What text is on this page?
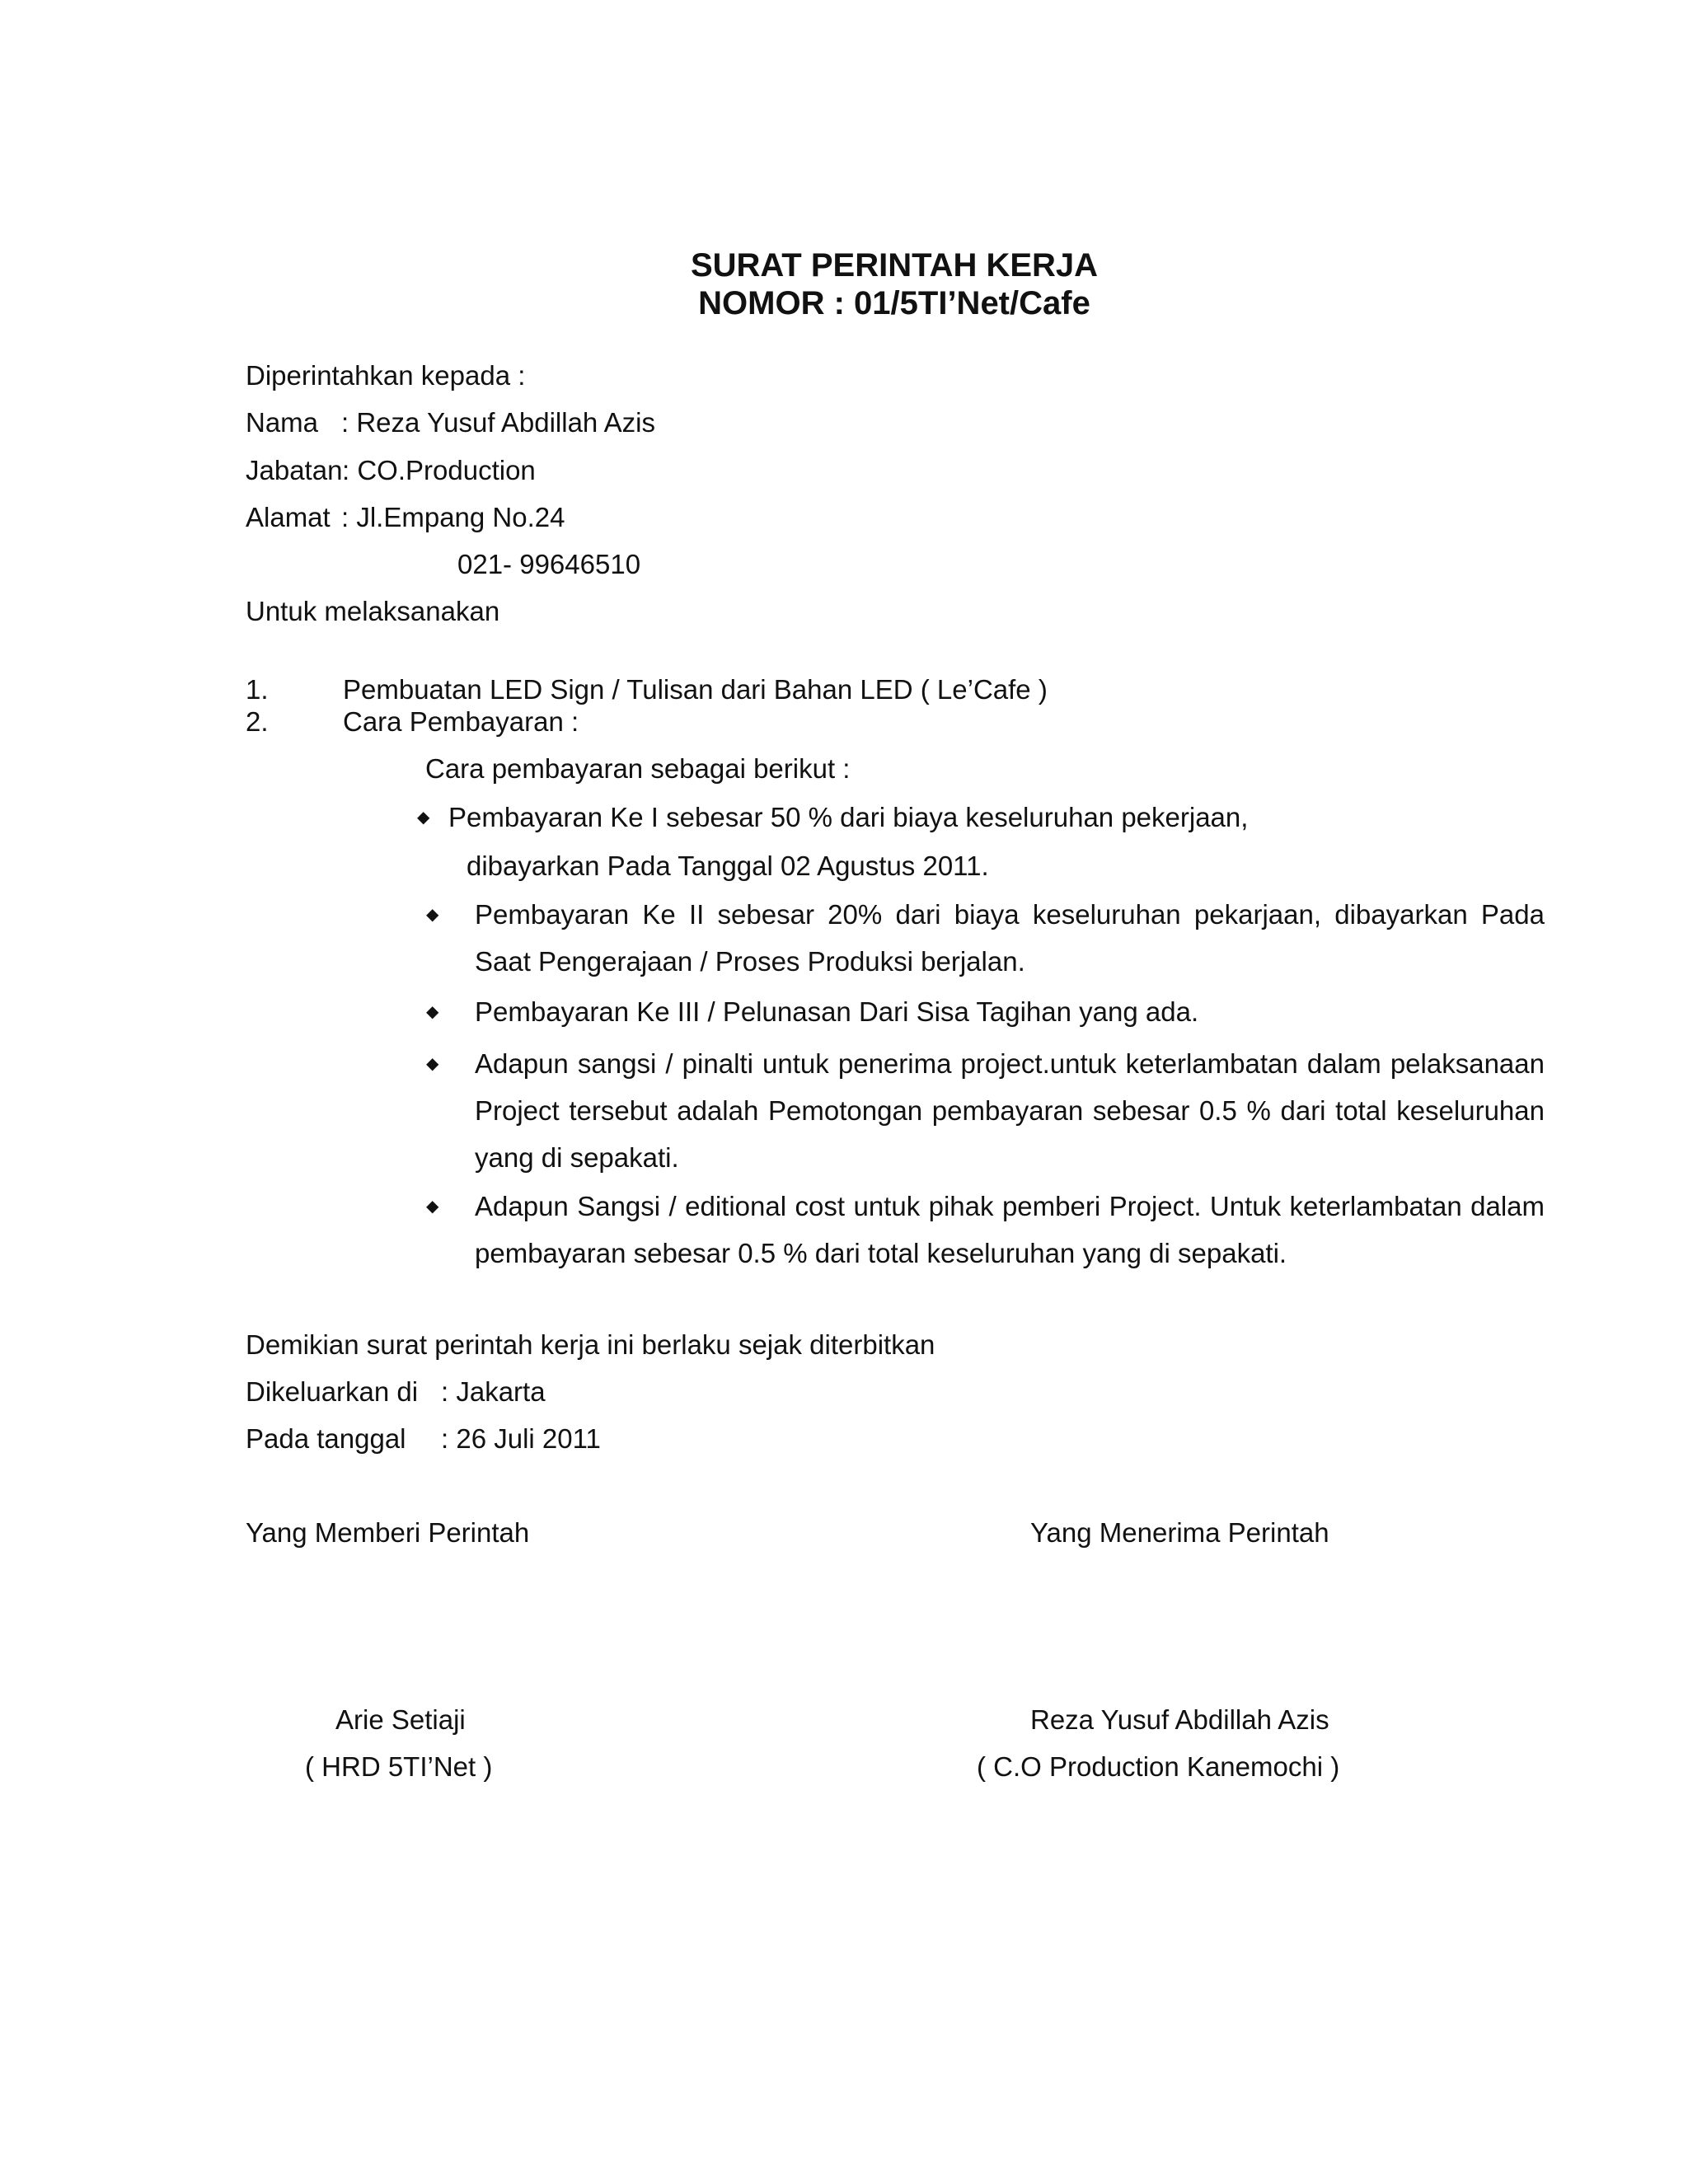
SURAT PERINTAH KERJA
NOMOR : 01/5TI’Net/Cafe
Diperintahkan kepada :
Nama : Reza Yusuf Abdillah Azis
Jabatan : CO.Production
Alamat : Jl.Empang No.24
021- 99646510
Untuk melaksanakan
1.	Pembuatan LED Sign / Tulisan dari Bahan LED ( Le’Cafe )
2.	Cara Pembayaran :
Cara pembayaran sebagai berikut :
◆ Pembayaran Ke I sebesar 50 % dari biaya keseluruhan pekerjaan,
dibayarkan Pada Tanggal 02 Agustus 2011.
◆ Pembayaran Ke II sebesar 20% dari biaya keseluruhan pekarjaan, dibayarkan Pada Saat Pengerajaan / Proses Produksi berjalan.
◆ Pembayaran Ke III / Pelunasan Dari Sisa Tagihan yang ada.
◆ Adapun sangsi / pinalti untuk penerima project.untuk keterlambatan dalam pelaksanaan Project tersebut adalah Pemotongan pembayaran sebesar 0.5 % dari total keseluruhan yang di sepakati.
◆ Adapun Sangsi / editional cost untuk pihak pemberi Project. Untuk keterlambatan dalam pembayaran sebesar 0.5 % dari total keseluruhan yang di sepakati.
Demikian surat perintah kerja ini berlaku sejak diterbitkan
Dikeluarkan di : Jakarta
Pada tanggal : 26 Juli 2011
Yang Memberi Perintah	Yang Menerima Perintah
Arie Setiaji	Reza Yusuf Abdillah Azis
( HRD 5TI’Net )	( C.O Production Kanemochi )
